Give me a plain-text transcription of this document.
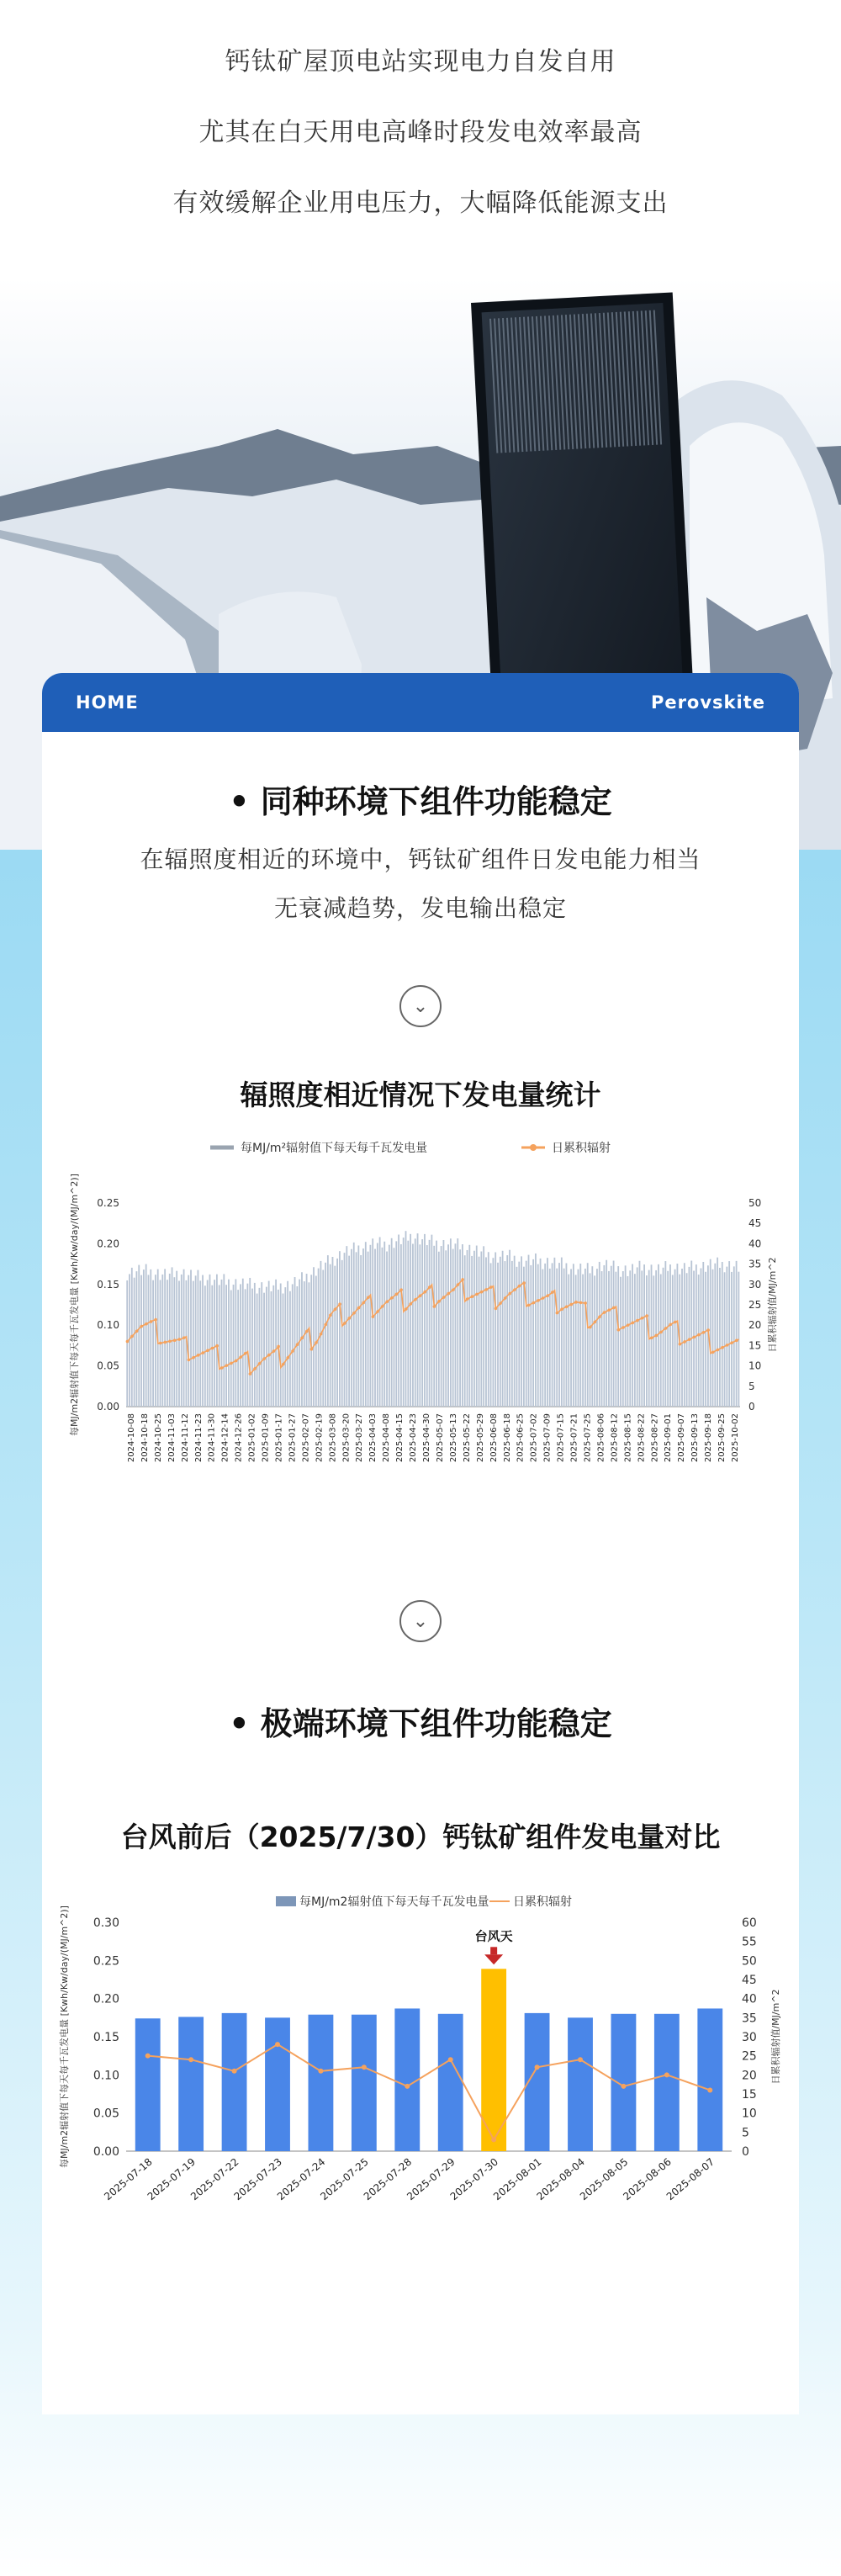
钙钛矿屋顶电站实现电力自发自用

尤其在白天用电高峰时段发电效率最高

有效缓解企业用电压力，大幅降低能源支出

HOME	Perovskite
• 同种环境下组件功能稳定
在辐照度相近的环境中，钙钛矿组件日发电能力相当
无衰减趋势，发电输出稳定
⌄
辐照度相近情况下发电量统计
每MJ/m²辐射值下每天每千瓦发电量	日累积辐射
0.00
0.05
0.10
0.15
0.20
0.25
0
5
10
15
20
25
30
35
40
45
50
每MJ/m2辐射值下每天每千瓦发电量 [Kwh/Kw/day/(MJ/m^2)]	日累积辐射值/MJ/m^2
2024-10-08 2024-10-18 2024-10-25 2024-11-03 2024-11-12 2024-11-23 2024-11-30 2024-12-14 2024-12-26 2025-01-02 2025-01-09 2025-01-17 2025-01-27 2025-02-07 2025-02-19 2025-03-08 2025-03-20 2025-03-27 2025-04-03 2025-04-08 2025-04-15 2025-04-23 2025-04-30 2025-05-07 2025-05-13 2025-05-22 2025-05-29 2025-06-08 2025-06-18 2025-06-25 2025-07-02 2025-07-09 2025-07-15 2025-07-21 2025-07-25 2025-08-06 2025-08-12 2025-08-15 2025-08-22 2025-08-27 2025-09-01 2025-09-07 2025-09-13 2025-09-18 2025-09-25 2025-10-02
⌄
• 极端环境下组件功能稳定
台风前后（2025/7/30）钙钛矿组件发电量对比
每MJ/m2辐射值下每天每千瓦发电量 日累积辐射
0.00
0.05
0.10
0.15
0.20
0.25
0.30
0
5
10
15
20
25
30
35
40
45
50
55
60
每MJ/m2辐射值下每天每千瓦发电量 [Kwh/Kw/day/(MJ/m^2)]	日累积辐射值/MJ/m^2
2025-07-18
2025-07-19
2025-07-22
2025-07-23
2025-07-24
2025-07-25
2025-07-28
2025-07-29
2025-07-30
2025-08-01
2025-08-04
2025-08-05
2025-08-06
2025-08-07
台风天
